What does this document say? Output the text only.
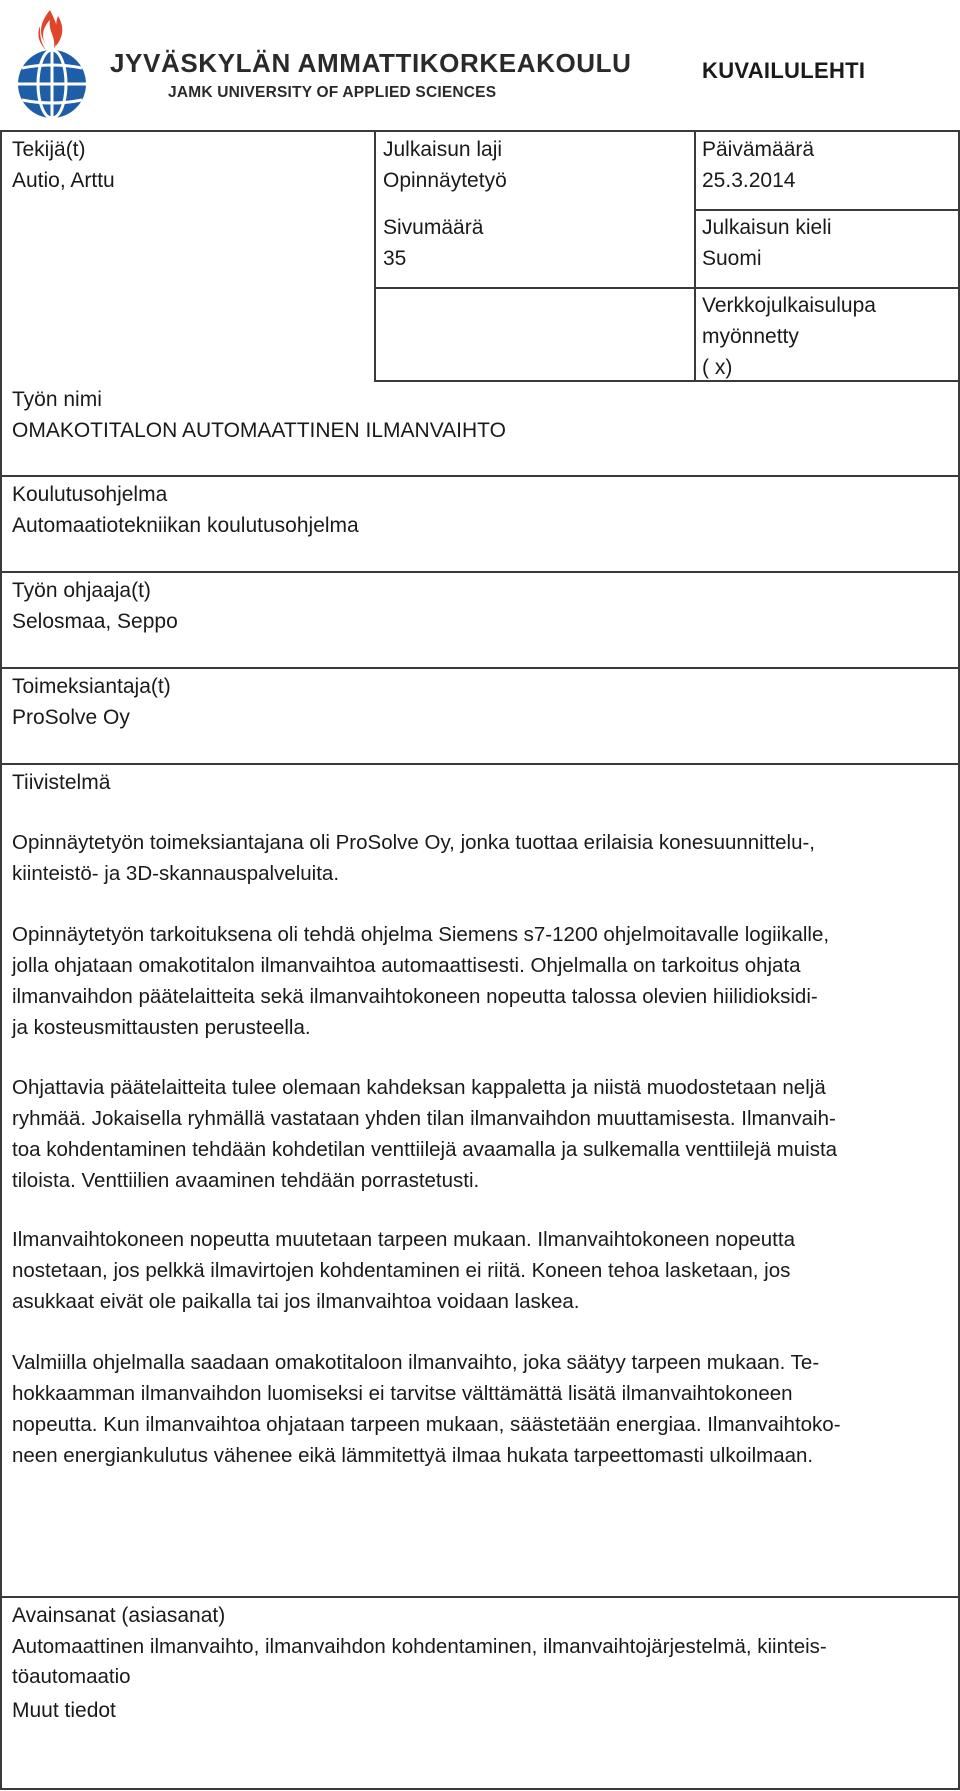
JYVÄSKYLÄN AMMATTIKORKEAKOULU
JAMK UNIVERSITY OF APPLIED SCIENCES
KUVAILULEHTI
Tekijä(t)
Autio, Arttu
Julkaisun laji
Opinnäytetyö
Päivämäärä
25.3.2014
Sivumäärä
35
Julkaisun kieli
Suomi
Verkkojulkaisulupa
myönnetty
( x)
Työn nimi
OMAKOTITALON AUTOMAATTINEN ILMANVAIHTO
Koulutusohjelma
Automaatiotekniikan koulutusohjelma
Työn ohjaaja(t)
Selosmaa, Seppo
Toimeksiantaja(t)
ProSolve Oy
Tiivistelmä

Opinnäytetyön toimeksiantajana oli ProSolve Oy, jonka tuottaa erilaisia konesuunnittelu-,

kiinteistö- ja 3D-skannauspalveluita.

Opinnäytetyön tarkoituksena oli tehdä ohjelma Siemens s7-1200 ohjelmoitavalle logiikalle,

jolla ohjataan omakotitalon ilmanvaihtoa automaattisesti. Ohjelmalla on tarkoitus ohjata

ilmanvaihdon päätelaitteita sekä ilmanvaihtokoneen nopeutta talossa olevien hiilidioksidi-

ja kosteusmittausten perusteella.

Ohjattavia päätelaitteita tulee olemaan kahdeksan kappaletta ja niistä muodostetaan neljä

ryhmää. Jokaisella ryhmällä vastataan yhden tilan ilmanvaihdon muuttamisesta. Ilmanvaih-

toa kohdentaminen tehdään kohdetilan venttiilejä avaamalla ja sulkemalla venttiilejä muista

tiloista. Venttiilien avaaminen tehdään porrastetusti.

Ilmanvaihtokoneen nopeutta muutetaan tarpeen mukaan. Ilmanvaihtokoneen nopeutta

nostetaan, jos pelkkä ilmavirtojen kohdentaminen ei riitä. Koneen tehoa lasketaan, jos

asukkaat eivät ole paikalla tai jos ilmanvaihtoa voidaan laskea.

Valmiilla ohjelmalla saadaan omakotitaloon ilmanvaihto, joka säätyy tarpeen mukaan. Te-

hokkaamman ilmanvaihdon luomiseksi ei tarvitse välttämättä lisätä ilmanvaihtokoneen

nopeutta. Kun ilmanvaihtoa ohjataan tarpeen mukaan, säästetään energiaa. Ilmanvaihtoko-

neen energiankulutus vähenee eikä lämmitettyä ilmaa hukata tarpeettomasti ulkoilmaan.

Avainsanat (asiasanat)
Automaattinen ilmanvaihto, ilmanvaihdon kohdentaminen, ilmanvaihtojärjestelmä, kiinteis-
töautomaatio
Muut tiedot
